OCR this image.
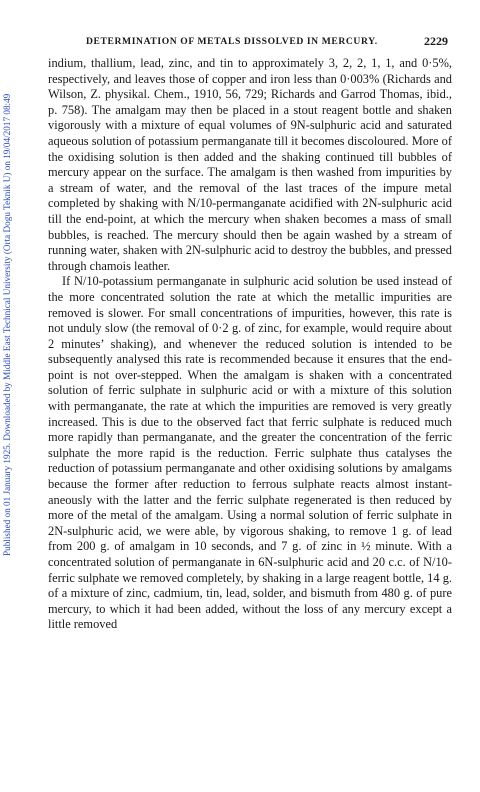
Published on 01 January 1925. Downloaded by Middle East Technical University (Orta Dogu Teknik U) on 19/04/2017 08:49
DETERMINATION OF METALS DISSOLVED IN MERCURY.	2229

indium, thallium, lead, zinc, and tin to approximately 3, 2, 2, 1, 1, and 0·5%, respectively, and leaves those of copper and iron less than 0·003% (Richards and Wilson, Z. physikal. Chem., 1910, 56, 729; Richards and Garrod Thomas, ibid., p. 758). The amalgam may then be placed in a stout reagent bottle and shaken vigorously with a mixture of equal volumes of 9N-sulphuric acid and saturated aqueous solution of potassium permanganate till it becomes discoloured. More of the oxidising solution is then added and the shaking continued till bubbles of mercury appear on the surface. The amalgam is then washed from impurities by a stream of water, and the removal of the last traces of the impure metal completed by shaking with N/10-permanganate acidified with 2N-sulphuric acid till the end-point, at which the mercury when shaken becomes a mass of small bubbles, is reached. The mercury should then be again washed by a stream of running water, shaken with 2N-sulphuric acid to destroy the bubbles, and pressed through chamois leather.

If N/10-potassium permanganate in sulphuric acid solution be used instead of the more concentrated solution the rate at which the metallic impurities are removed is slower. For small concentrations of impurities, however, this rate is not unduly slow (the removal of 0·2 g. of zinc, for example, would require about 2 minutes’ shaking), and whenever the reduced solution is intended to be subsequently analysed this rate is recommended because it ensures that the end-point is not over-stepped. When the amalgam is shaken with a concentrated solution of ferric sulphate in sulphuric acid or with a mixture of this solution with permanganate, the rate at which the impurities are removed is very greatly increased. This is due to the observed fact that ferric sulphate is reduced much more rapidly than permanganate, and the greater the concentration of the ferric sulphate the more rapid is the reduction. Ferric sulphate thus catalyses the reduction of potassium permanganate and other oxidising solutions by amalgams because the former after reduction to ferrous sulphate reacts almost instantaneously with the latter and the ferric sulphate regenerated is then reduced by more of the metal of the amalgam. Using a normal solution of ferric sulphate in 2N-sulphuric acid, we were able, by vigorous shaking, to remove 1 g. of lead from 200 g. of amalgam in 10 seconds, and 7 g. of zinc in ½ minute. With a concentrated solution of permanganate in 6N-sulphuric acid and 20 c.c. of N/10-ferric sulphate we removed completely, by shaking in a large reagent bottle, 14 g. of a mixture of zinc, cadmium, tin, lead, solder, and bismuth from 480 g. of pure mercury, to which it had been added, without the loss of any mercury except a little removed
